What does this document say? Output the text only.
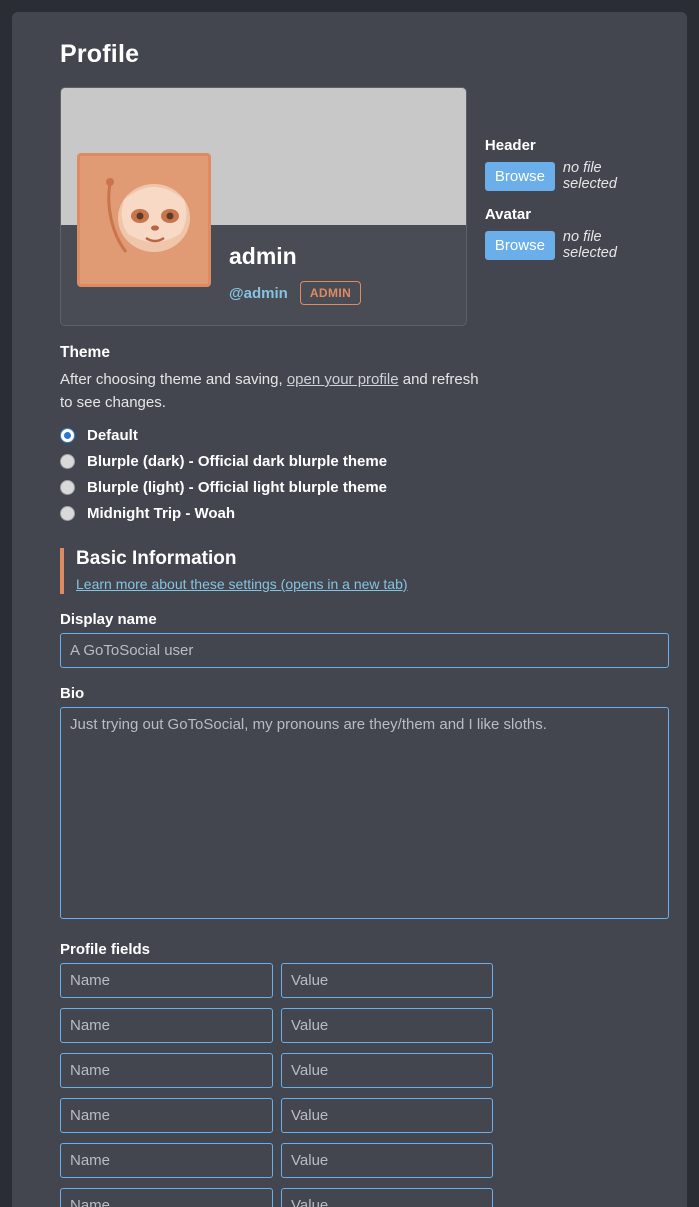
Profile

admin

@admin	ADMIN
Header
Browse	no file selected
Avatar
Browse	no file selected
Theme

After choosing theme and saving, open your profile and refresh to see changes.

Default
Blurple (dark) - Official dark blurple theme
Blurple (light) - Official light blurple theme
Midnight Trip - Woah
Basic Information
Learn more about these settings (opens in a new tab)
Display name
A GoToSocial user
Bio
Just trying out GoToSocial, my pronouns are they/them and I like sloths.
Profile fields
Name
Value
Name
Value
Name
Value
Name
Value
Name
Value
Name
Value
